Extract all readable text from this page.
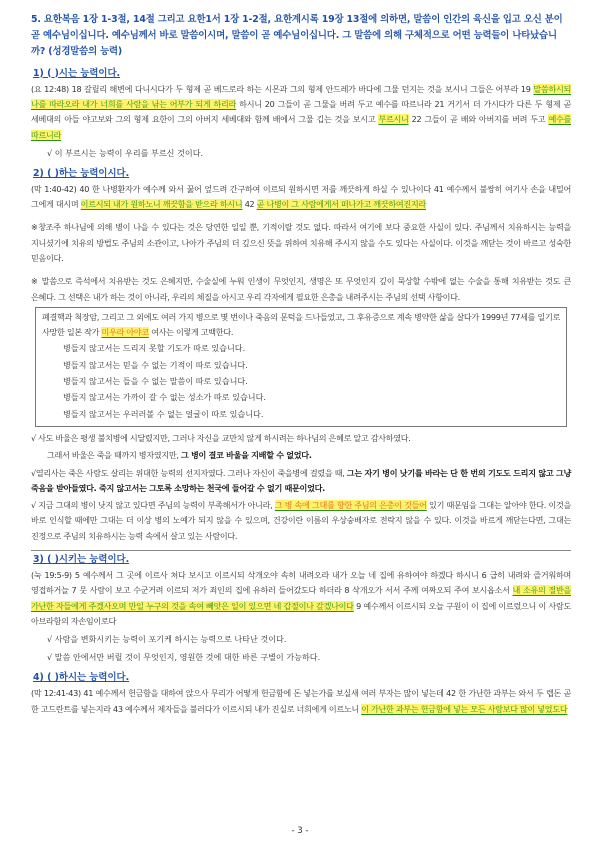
5. 요한복음 1장 1-3절, 14절 그리고 요한1서 1장 1-2절, 요한계시록 19장 13절에 의하면, 말씀이 인간의 육신을 입고 오신 분이 곧 예수님이십니다. 예수님께서 바로 말씀이시며, 말씀이 곧 예수님이십니다. 그 말씀에 의해 구체적으로 어떤 능력들이 나타났습니까? (성경말씀의 능력)
1) ( )시는 능력이다.
(요 12:48) 18 갈릴리 해변에 다니시다가 두 형제 곧 베드로라 하는 시몬과 그의 형제 안드레가 바다에 그물 던지는 것을 보시니 그들은 어부라 19 말씀하시되 나를 따라오라 내가 너희를 사람을 낚는 어부가 되게 하리라 하시니 20 그들이 곧 그물을 버려 두고 예수를 따르니라 21 거기서 더 가시다가 다른 두 형제 곧 세베대의 아들 야고보와 그의 형제 요한이 그의 아버지 세베대와 함께 배에서 그물 깁는 것을 보시고 부르시니 22 그들이 곧 배와 아버지를 버려 두고 예수를 따르니라
√ 이 부르시는 능력이 우리를 부르신 것이다.
2) ( )하는 능력이시다.
(막 1:40-42) 40 한 나병환자가 예수께 와서 꿇어 엎드려 간구하여 이르되 원하시면 저를 깨끗하게 하실 수 있나이다 41 예수께서 불쌍히 여기사 손을 내밀어 그에게 대시며 이르시되 내가 원하노니 깨끗함을 받으라 하시니 42 곧 나병이 그 사람에게서 떠나가고 깨끗하여진지라
※창조주 하나님에 의해 병이 나을 수 있다는 것은 당연한 일일 뿐, 기적이랄 것도 없다. 따라서 여기에 보다 중요한 사실이 있다. 주님께서 치유하시는 능력을 지니셨기에 치유의 방법도 주님의 소관이고, 나아가 주님의 더 깊으신 뜻을 위하여 치유해 주시지 않을 수도 있다는 사실이다. 이것을 깨닫는 것이 바르고 성숙한 믿음이다.
※ 말씀으로 즉석에서 치유받는 것도 은혜지만, 수술실에 누워 인생이 무엇인지, 생명은 또 무엇인지 깊이 묵상할 수밖에 없는 수술을 통해 치유받는 것도 큰 은혜다. 그 선택은 내가 하는 것이 아니라, 우리의 체질을 아시고 우리 각자에게 필요한 은총을 내려주시는 주님의 선택 사항이다.
폐결핵과 척장암, 그리고 그 외에도 여러 가지 병으로 몇 번이나 죽음의 문턱을 드나들었고, 그 후유증으로 계속 병약한 삶을 살다가 1999년 77세를 일기로 사망한 일본 작가 미우라 아야코 여사는 이렇게 고백한다.
병들지 않고서는 드리지 못할 기도가 따로 있습니다.
병들지 않고서는 믿을 수 없는 기적이 따로 있습니다.
병들지 않고서는 들을 수 없는 말씀이 따로 있습니다.
병들지 않고서는 가까이 갈 수 없는 성소가 따로 있습니다.
병들지 않고서는 우러러볼 수 없는 얼굴이 따로 있습니다.
√ 사도 바울은 평생 불치병에 시달렸지만, 그러나 자신을 교만치 않게 하시려는 하나님의 은혜로 알고 감사하였다.
그래서 바울은 죽을 때까지 병자였지만, 그 병이 결코 바울을 지배할 수 없었다.
√열리사는 죽은 사람도 살리는 위대한 능력의 선지자였다. 그러나 자신이 죽을병에 걸렸을 때, 그는 자기 병이 낫기를 바라는 단 한 번의 기도도 드리지 않고 그냥 죽음을 받아들였다. 죽지 않고서는 그토록 소망하는 천국에 들어갈 수 없기 때문이었다.
√ 지금 그대의 병이 낫지 않고 있다면 주님의 능력이 부족해서가 아니라, 그 병 속에 그대를 향한 주님의 은총이 깃들어 있기 때문임을 그대는 알아야 한다. 이것을 바로 인식할 때에만 그대는 더 이상 병의 노예가 되지 않을 수 있으며, 건강이란 이름의 우상숭배자로 전락지 않을 수 있다. 이것을 바르게 깨닫는다면, 그대는 진정으로 주님의 치유하시는 능력 속에서 살고 있는 사람이다.
3) ( )시키는 능력이다.
(눅 19:5-9) 5 예수께서 그 곳에 이르사 쳐다 보시고 이르시되 삭개오야 속히 내려오라 내가 오늘 네 집에 유하여야 하겠다 하시니 6 급히 내려와 즐거워하며 영접하거늘 7 뭇 사람이 보고 수군거려 이르되 저가 죄인의 집에 유하러 들어갔도다 하더라 8 삭개오가 서서 주께 여짜오되 주여 보시옵소서 내 소유의 절반을 가난한 자들에게 주겠사오며 만일 누구의 것을 속여 빼앗은 일이 있으면 네 갑절이나 갚겠나이다 9 예수께서 이르시되 오늘 구원이 이 집에 이르렀으니 이 사람도 아브라함의 자손임이로다
√ 사람을 변화시키는 능력이 포기케 하시는 능력으로 나타난 것이다.
√ 말씀 안에서만 버릴 것이 무엇인지, 영원한 것에 대한 바른 구별이 가능하다.
4) ( )하시는 능력이다.
(막 12:41-43) 41 예수께서 헌금함을 대하여 앉으사 무리가 어떻게 헌금함에 돈 넣는가를 보실새 여러 부자는 많이 넣는데 42 한 가난한 과부는 와서 두 렙돈 곧 한 고드란트를 넣는지라 43 예수께서 제자들을 불러다가 이르시되 내가 진실로 너희에게 이르노니 이 가난한 과부는 헌금함에 넣는 모든 사람보다 많이 넣었도다
- 3 -
